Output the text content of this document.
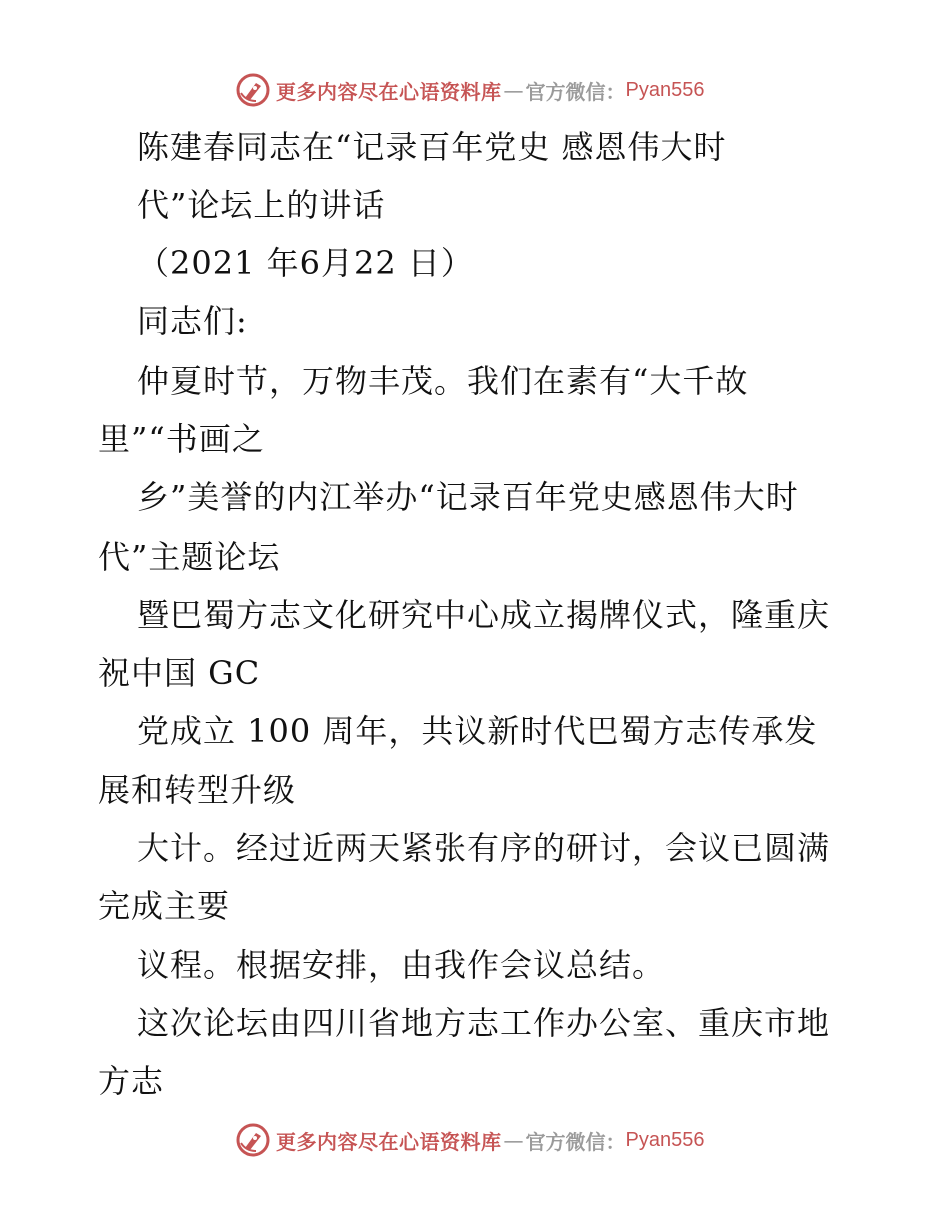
更多内容尽在心语资料库 — 官方微信： Pyan556
陈建春同志在“记录百年党史 感恩伟大时
代”论坛上的讲话
（2021 年6月22 日）
同志们:
仲夏时节，万物丰茂。我们在素有“大千故
里”“书画之
乡”美誉的内江举办“记录百年党史感恩伟大时
代”主题论坛
暨巴蜀方志文化研究中心成立揭牌仪式，隆重庆
祝中国 GC
党成立 100 周年，共议新时代巴蜀方志传承发
展和转型升级
大计。经过近两天紧张有序的研讨，会议已圆满
完成主要
议程。根据安排，由我作会议总结。
这次论坛由四川省地方志工作办公室、重庆市地
方志
更多内容尽在心语资料库 — 官方微信： Pyan556
